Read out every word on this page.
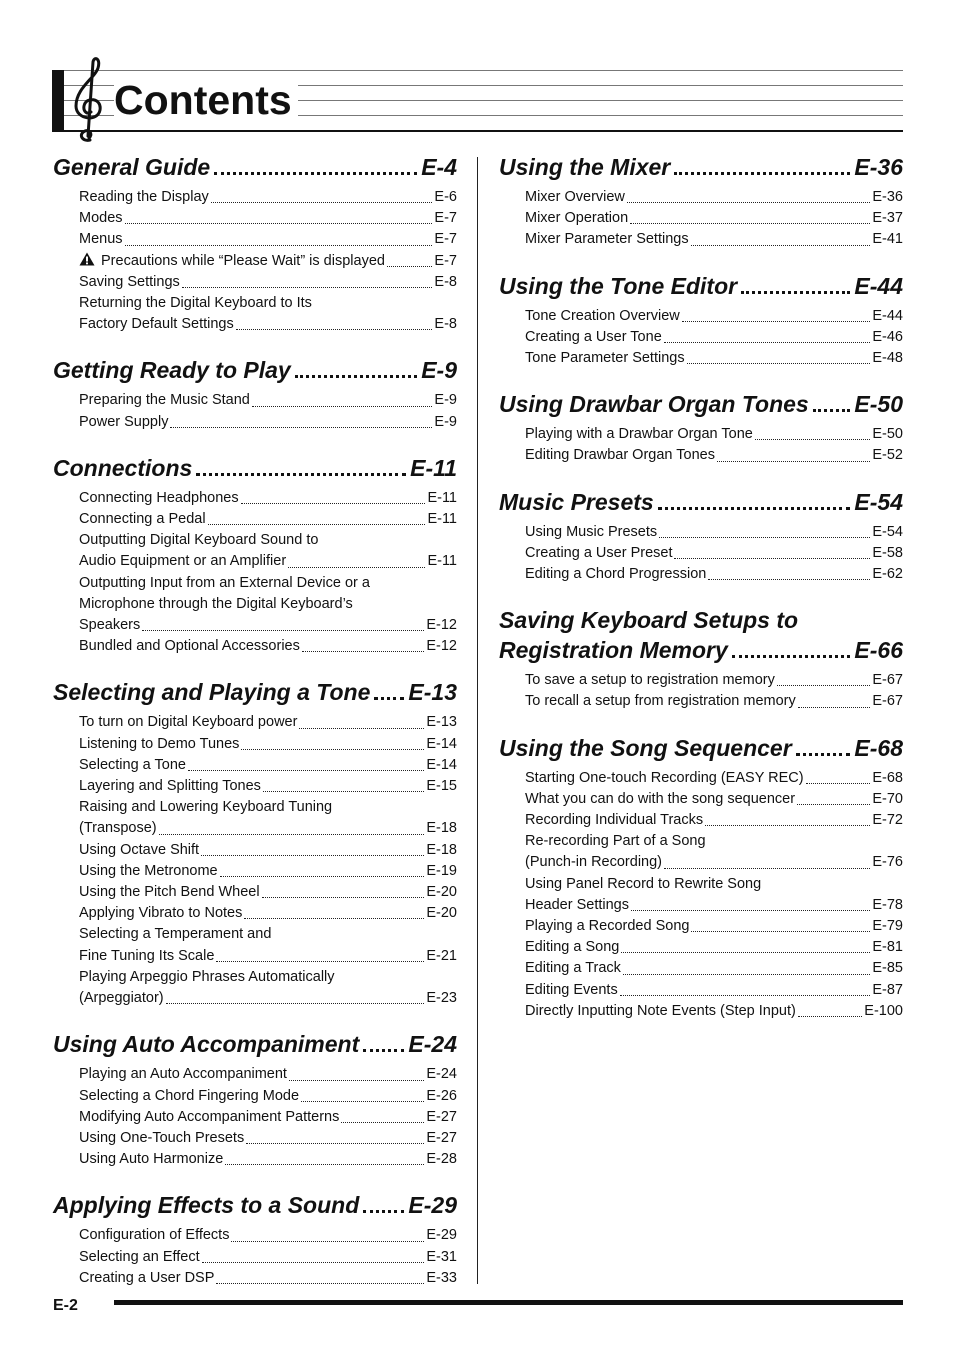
Contents
General Guide	E-4
Reading the Display	E-6
Modes	E-7
Menus	E-7
Precautions while “Please Wait” is displayed	E-7
Saving Settings	E-8
Returning the Digital Keyboard to Its
Factory Default Settings	E-8
Getting Ready to Play	E-9
Preparing the Music Stand	E-9
Power Supply	E-9
Connections	E-11
Connecting Headphones	E-11
Connecting a Pedal	E-11
Outputting Digital Keyboard Sound to
Audio Equipment or an Amplifier	E-11
Outputting Input from an External Device or a
Microphone through the Digital Keyboard’s
Speakers	E-12
Bundled and Optional Accessories	E-12
Selecting and Playing a Tone E-13
To turn on Digital Keyboard power	E-13
Listening to Demo Tunes	E-14
Selecting a Tone	E-14
Layering and Splitting Tones	E-15
Raising and Lowering Keyboard Tuning
(Transpose)	E-18
Using Octave Shift	E-18
Using the Metronome	E-19
Using the Pitch Bend Wheel	E-20
Applying Vibrato to Notes	E-20
Selecting a Temperament and
Fine Tuning Its Scale	E-21
Playing Arpeggio Phrases Automatically
(Arpeggiator)	E-23
Using Auto Accompaniment E-24
Playing an Auto Accompaniment	E-24
Selecting a Chord Fingering Mode	E-26
Modifying Auto Accompaniment Patterns	E-27
Using One-Touch Presets	E-27
Using Auto Harmonize	E-28
Applying Effects to a Sound E-29
Configuration of Effects	E-29
Selecting an Effect	E-31
Creating a User DSP	E-33
Using the Mixer	E-36
Mixer Overview	E-36
Mixer Operation	E-37
Mixer Parameter Settings	E-41
Using the Tone Editor	E-44
Tone Creation Overview	E-44
Creating a User Tone	E-46
Tone Parameter Settings	E-48
Using Drawbar Organ Tones E-50
Playing with a Drawbar Organ Tone	E-50
Editing Drawbar Organ Tones	E-52
Music Presets	E-54
Using Music Presets	E-54
Creating a User Preset	E-58
Editing a Chord Progression	E-62
Saving Keyboard Setups to
Registration Memory	E-66
To save a setup to registration memory	E-67
To recall a setup from registration memory	E-67
Using the Song Sequencer	E-68
Starting One-touch Recording (EASY REC)	E-68
What you can do with the song sequencer	E-70
Recording Individual Tracks	E-72
Re-recording Part of a Song
(Punch-in Recording)	E-76
Using Panel Record to Rewrite Song
Header Settings	E-78
Playing a Recorded Song	E-79
Editing a Song	E-81
Editing a Track	E-85
Editing Events	E-87
Directly Inputting Note Events (Step Input)	E-100
E-2
